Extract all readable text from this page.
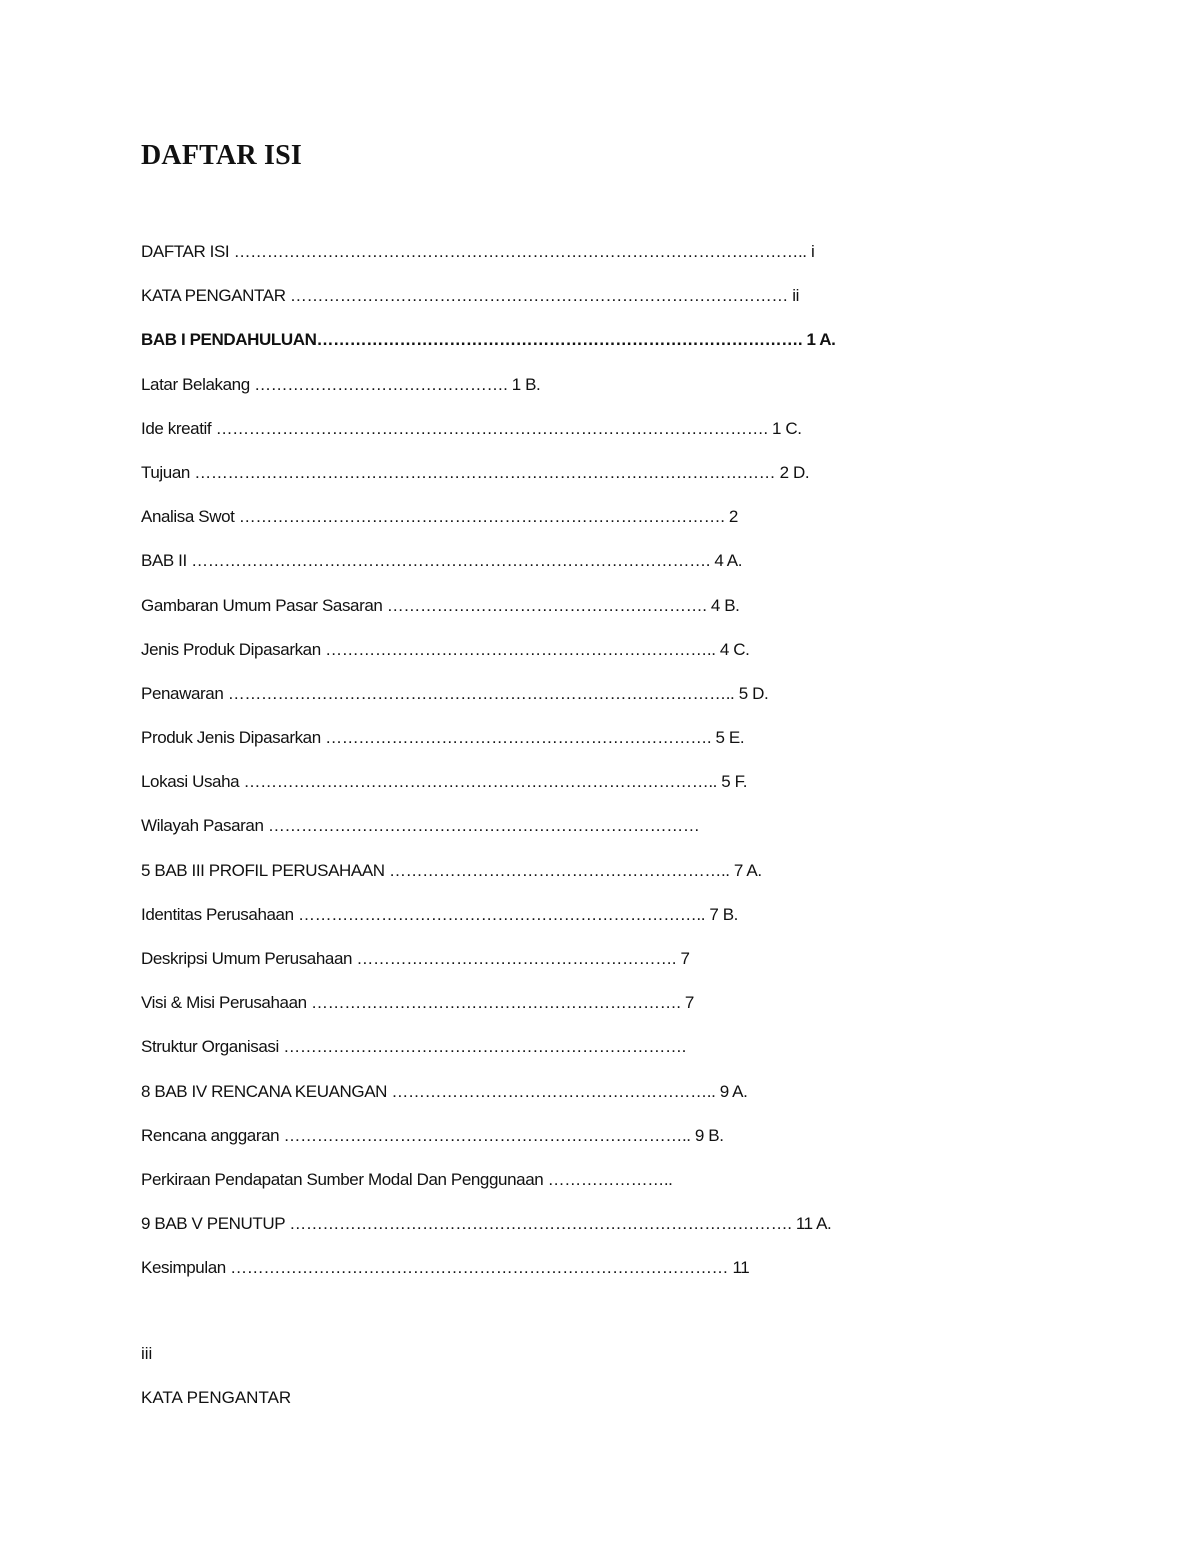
DAFTAR ISI
DAFTAR ISI ………………………………………………………………………………………….. i
KATA PENGANTAR ……………………………………………………………………………… ii
BAB I PENDAHULUAN……………………………………………………………………………. 1 A.
Latar Belakang ………………………………………. 1 B.
Ide kreatif ………………………………………………………………………………………. 1 C.
Tujuan …………………………………………………………………………………………… 2 D.
Analisa Swot ……………………………………………………………………………. 2
BAB II …………………………………………………………………………………. 4 A.
Gambaran Umum Pasar Sasaran …………………………………………………. 4 B.
Jenis Produk Dipasarkan …………………………………………………………….. 4 C.
Penawaran ……………………………………………………………………………….. 5 D.
Produk Jenis Dipasarkan ……………………………………………………………. 5 E.
Lokasi Usaha ………………………………………………………………………….. 5 F.
Wilayah Pasaran ……………………………………………………………………
5 BAB III PROFIL PERUSAHAAN …………………………………………………….. 7 A.
Identitas Perusahaan ……………………………………………………………….. 7 B.
Deskripsi Umum Perusahaan …………………………………………………. 7
Visi & Misi Perusahaan …………………………………………………………. 7
Struktur Organisasi ……………………………………………………………….
8 BAB IV RENCANA KEUANGAN ………………………………………………….. 9 A.
Rencana anggaran ……………………………………………………………….. 9 B.
Perkiraan Pendapatan Sumber Modal Dan Penggunaan …………………..
9 BAB V PENUTUP ………………………………………………………………………………. 11 A.
Kesimpulan ……………………………………………………………………………… 11
iii
KATA PENGANTAR
